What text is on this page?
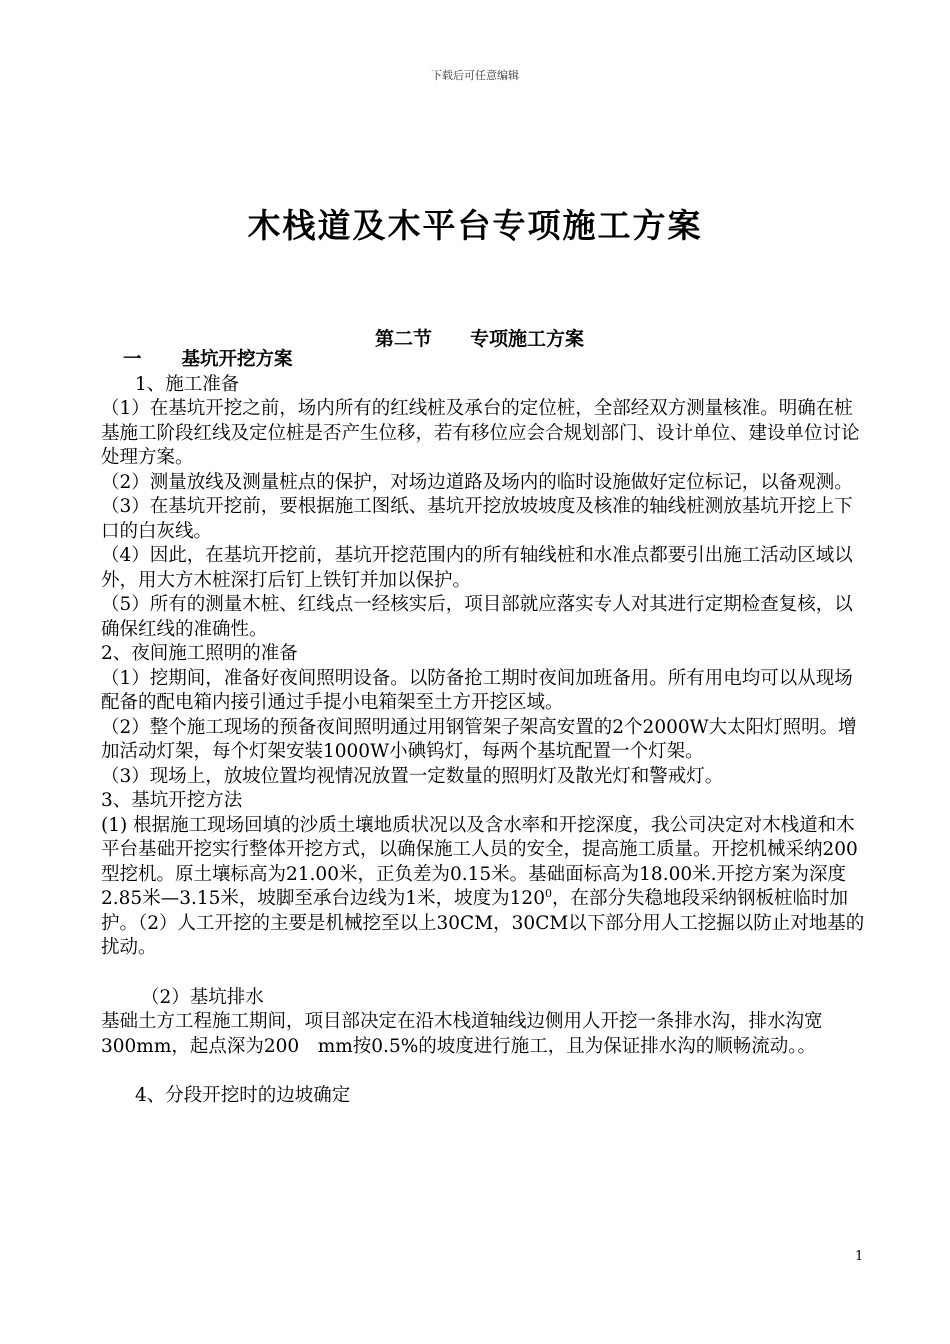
下载后可任意编辑
木栈道及木平台专项施工方案
第二节　　专项施工方案

一 基坑开挖方案

1、施工准备

（1）在基坑开挖之前，场内所有的红线桩及承台的定位桩，全部经双方测量核准。明确在桩基施工阶段红线及定位桩是否产生位移，若有移位应会合规划部门、设计单位、建设单位讨论处理方案。

（2）测量放线及测量桩点的保护，对场边道路及场内的临时设施做好定位标记，以备观测。

（3）在基坑开挖前，要根据施工图纸、基坑开挖放坡坡度及核准的轴线桩测放基坑开挖上下口的白灰线。

（4）因此，在基坑开挖前，基坑开挖范围内的所有轴线桩和水准点都要引出施工活动区域以外，用大方木桩深打后钉上铁钉并加以保护。

（5）所有的测量木桩、红线点一经核实后，项目部就应落实专人对其进行定期检查复核，以确保红线的准确性。

2、夜间施工照明的准备

（1）挖期间，准备好夜间照明设备。以防备抢工期时夜间加班备用。所有用电均可以从现场配备的配电箱内接引通过手提小电箱架至土方开挖区域。

（2）整个施工现场的预备夜间照明通过用钢管架子架高安置的2个2000W大太阳灯照明。增加活动灯架，每个灯架安装1000W小碘钨灯，每两个基坑配置一个灯架。

（3）现场上，放坡位置均视情况放置一定数量的照明灯及散光灯和警戒灯。

3、基坑开挖方法

(1) 根据施工现场回填的沙质土壤地质状况以及含水率和开挖深度，我公司决定对木栈道和木平台基础开挖实行整体开挖方式，以确保施工人员的安全，提高施工质量。开挖机械采纳200型挖机。原土壤标高为21.00米，正负差为0.15米。基础面标高为18.00米.开挖方案为深度2.85米—3.15米，坡脚至承台边线为1米，坡度为$120^0$，在部分失稳地段采纳钢板桩临时加护。（2）人工开挖的主要是机械挖至以上30CM，30CM以下部分用人工挖掘以防止对地基的扰动。

（2）基坑排水

基础土方工程施工期间，项目部决定在沿木栈道轴线边侧用人开挖一条排水沟，排水沟宽300mm，起点深为200　mm按0.5%的坡度进行施工，且为保证排水沟的顺畅流动。。

4、分段开挖时的边坡确定

1
